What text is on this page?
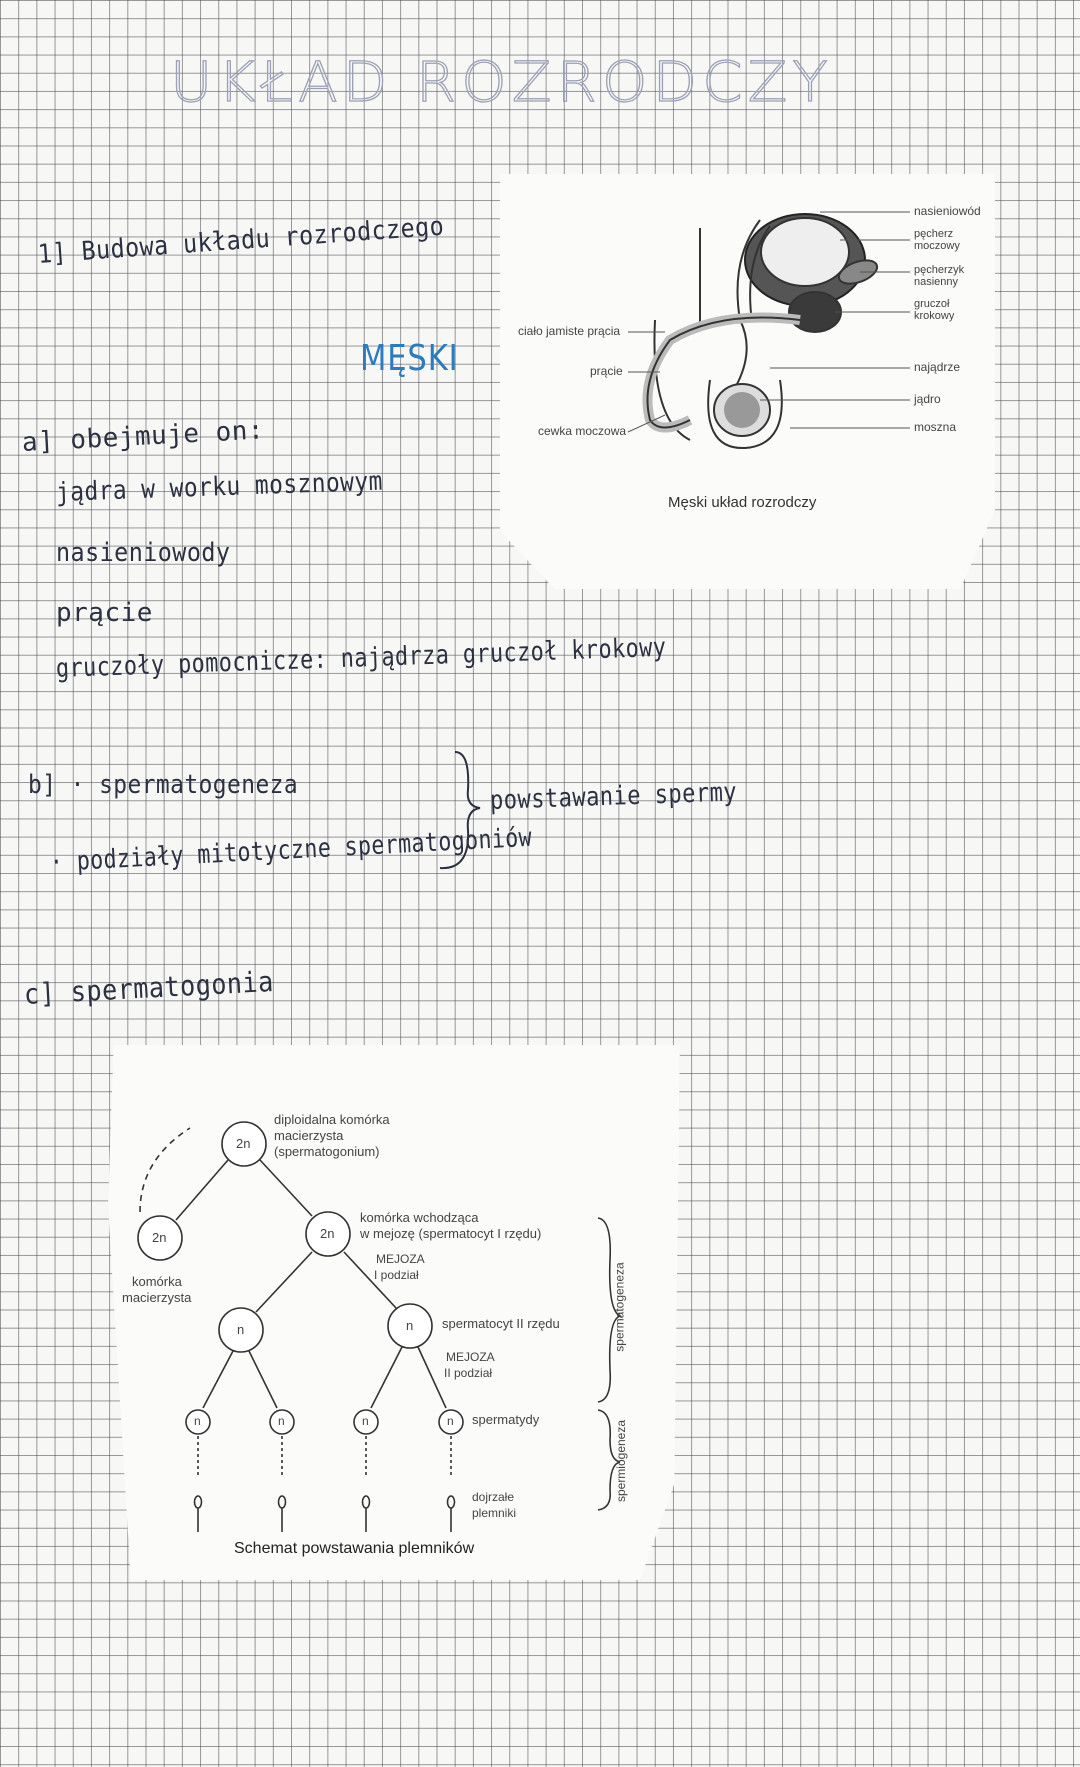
UKŁAD ROZRODCZY
1] Budowa układu rozrodczego
MĘSKI
a] obejmuje on:
jądra w worku mosznowym
nasieniowody
prącie
gruczoły pomocnicze: najądrza gruczoł krokowy
b] · spermatogeneza
· podziały mitotyczne spermatogoniów
powstawanie spermy
c] spermatogonia
ciało jamiste prącia
prącie
cewka moczowa
nasieniowód
pęcherz moczowy
pęcherzyk nasienny
gruczoł krokowy
najądrze
jądro
moszna
Męski układ rozrodczy
2n
2n	2n
n	n
n	n	n	n
diploidalna komórka
macierzysta
(spermatogonium)
komórka
macierzysta
komórka wchodząca
w mejozę (spermatocyt I rzędu)
MEJOZA
I podział
spermatocyt II rzędu
MEJOZA
II podział
spermatydy
dojrzałe
plemniki
spermatogeneza
spermiogeneza
Schemat powstawania plemników
